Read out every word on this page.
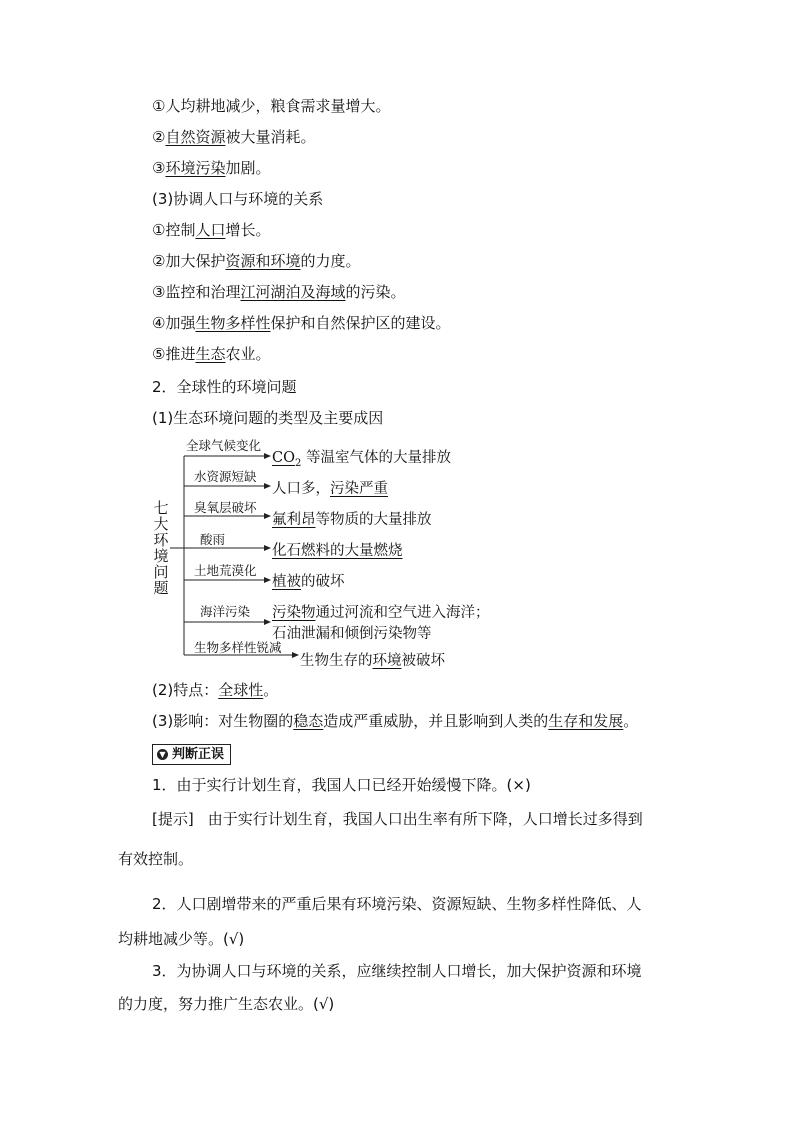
①人均耕地减少，粮食需求量增大。
②自然资源被大量消耗。
③环境污染加剧。
(3)协调人口与环境的关系
①控制人口增长。
②加大保护资源和环境的力度。
③监控和治理江河湖泊及海域的污染。
④加强生物多样性保护和自然保护区的建设。
⑤推进生态农业。
2．全球性的环境问题
(1)生态环境问题的类型及主要成因
七
大
环
境
问
题
全球气候变化
水资源短缺
臭氧层破坏
酸雨
土地荒漠化
海洋污染
生物多样性锐减
$CO_2$ 等温室气体的大量排放
人口多，污染严重
氟利昂等物质的大量排放
化石燃料的大量燃烧
植被的破坏
污染物通过河流和空气进入海洋；
石油泄漏和倾倒污染物等
生物生存的环境被破坏
(2)特点：全球性。
(3)影响：对生物圈的稳态造成严重威胁，并且影响到人类的生存和发展。
▼ 判断正误
1．由于实行计划生育，我国人口已经开始缓慢下降。(×)
[提示] 由于实行计划生育，我国人口出生率有所下降，人口增长过多得到
有效控制。
2．人口剧增带来的严重后果有环境污染、资源短缺、生物多样性降低、人
均耕地减少等。(√)
3．为协调人口与环境的关系，应继续控制人口增长，加大保护资源和环境
的力度，努力推广生态农业。(√)
